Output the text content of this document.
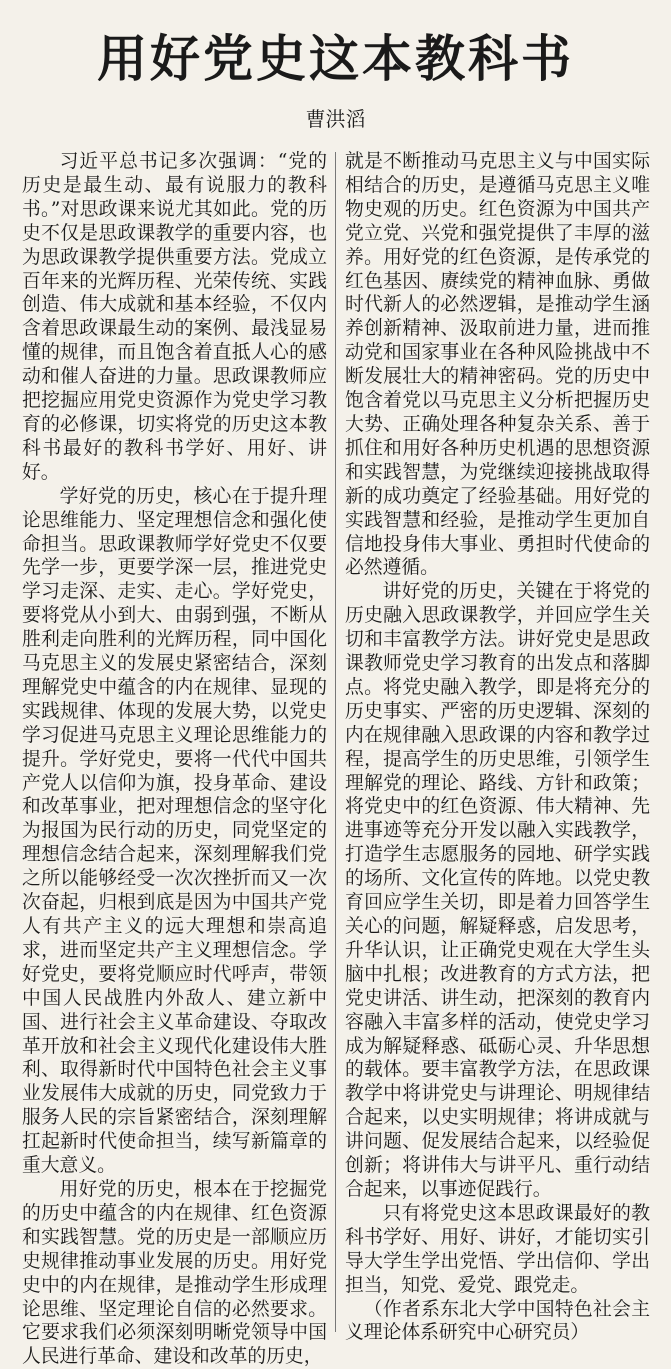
用好党史这本教科书
曹洪滔

习近平总书记多次强调：“党的历史是最生动、最有说服力的教科书。”对思政课来说尤其如此。党的历史不仅是思政课教学的重要内容，也为思政课教学提供重要方法。党成立百年来的光辉历程、光荣传统、实践创造、伟大成就和基本经验，不仅内含着思政课最生动的案例、最浅显易懂的规律，而且饱含着直抵人心的感动和催人奋进的力量。思政课教师应把挖掘应用党史资源作为党史学习教育的必修课，切实将党的历史这本教科书最好的教科书学好、用好、讲好。

学好党的历史，核心在于提升理论思维能力、坚定理想信念和强化使命担当。思政课教师学好党史不仅要先学一步，更要学深一层，推进党史学习走深、走实、走心。学好党史，要将党从小到大、由弱到强，不断从胜利走向胜利的光辉历程，同中国化马克思主义的发展史紧密结合，深刻理解党史中蕴含的内在规律、显现的实践规律、体现的发展大势，以党史学习促进马克思主义理论思维能力的提升。学好党史，要将一代代中国共产党人以信仰为旗，投身革命、建设和改革事业，把对理想信念的坚守化为报国为民行动的历史，同党坚定的理想信念结合起来，深刻理解我们党之所以能够经受一次次挫折而又一次次奋起，归根到底是因为中国共产党人有共产主义的远大理想和崇高追求，进而坚定共产主义理想信念。学好党史，要将党顺应时代呼声，带领中国人民战胜内外敌人、建立新中国、进行社会主义革命建设、夺取改革开放和社会主义现代化建设伟大胜利、取得新时代中国特色社会主义事业发展伟大成就的历史，同党致力于服务人民的宗旨紧密结合，深刻理解扛起新时代使命担当，续写新篇章的重大意义。

用好党的历史，根本在于挖掘党的历史中蕴含的内在规律、红色资源和实践智慧。党的历史是一部顺应历史规律推动事业发展的历史。用好党史中的内在规律，是推动学生形成理论思维、坚定理论自信的必然要求。它要求我们必须深刻明晰党领导中国人民进行革命、建设和改革的历史，

就是不断推动马克思主义与中国实际相结合的历史，是遵循马克思主义唯物史观的历史。红色资源为中国共产党立党、兴党和强党提供了丰厚的滋养。用好党的红色资源，是传承党的红色基因、赓续党的精神血脉、勇做时代新人的必然逻辑，是推动学生涵养创新精神、汲取前进力量，进而推动党和国家事业在各种风险挑战中不断发展壮大的精神密码。党的历史中饱含着党以马克思主义分析把握历史大势、正确处理各种复杂关系、善于抓住和用好各种历史机遇的思想资源和实践智慧，为党继续迎接挑战取得新的成功奠定了经验基础。用好党的实践智慧和经验，是推动学生更加自信地投身伟大事业、勇担时代使命的必然遵循。

讲好党的历史，关键在于将党的历史融入思政课教学，并回应学生关切和丰富教学方法。讲好党史是思政课教师党史学习教育的出发点和落脚点。将党史融入教学，即是将充分的历史事实、严密的历史逻辑、深刻的内在规律融入思政课的内容和教学过程，提高学生的历史思维，引领学生理解党的理论、路线、方针和政策；将党史中的红色资源、伟大精神、先进事迹等充分开发以融入实践教学，打造学生志愿服务的园地、研学实践的场所、文化宣传的阵地。以党史教育回应学生关切，即是着力回答学生关心的问题，解疑释惑，启发思考，升华认识，让正确党史观在大学生头脑中扎根；改进教育的方式方法，把党史讲活、讲生动，把深刻的教育内容融入丰富多样的活动，使党史学习成为解疑释惑、砥砺心灵、升华思想的载体。要丰富教学方法，在思政课教学中将讲党史与讲理论、明规律结合起来，以史实明规律；将讲成就与讲问题、促发展结合起来，以经验促创新；将讲伟大与讲平凡、重行动结合起来，以事迹促践行。

只有将党史这本思政课最好的教科书学好、用好、讲好，才能切实引导大学生学出党悟、学出信仰、学出担当，知党、爱党、跟党走。

（作者系东北大学中国特色社会主义理论体系研究中心研究员）
